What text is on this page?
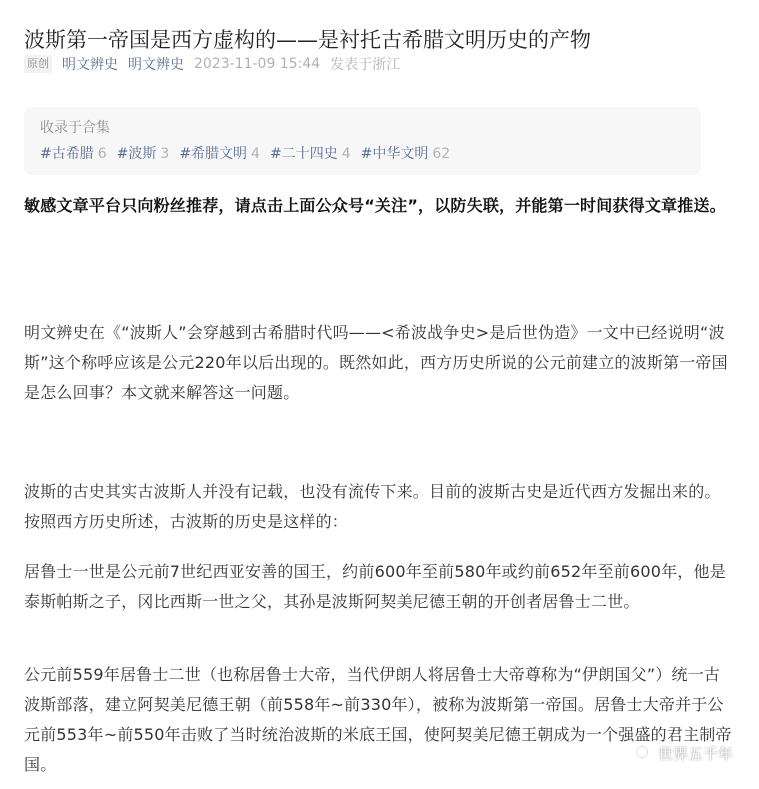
波斯第一帝国是西方虚构的——是衬托古希腊文明历史的产物
原创 明文辨史 明文辨史 2023-11-09 15:44 发表于浙江
收录于合集
#古希腊 6 #波斯 3 #希腊文明 4 #二十四史 4 #中华文明 62

敏感文章平台只向粉丝推荐，请点击上面公众号“关注”，以防失联，并能第一时间获得文章推送。

明文辨史在《“波斯人”会穿越到古希腊时代吗——<希波战争史>是后世伪造》一文中已经说明“波斯”这个称呼应该是公元220年以后出现的。既然如此，西方历史所说的公元前建立的波斯第一帝国是怎么回事？本文就来解答这一问题。

波斯的古史其实古波斯人并没有记载，也没有流传下来。目前的波斯古史是近代西方发掘出来的。按照西方历史所述，古波斯的历史是这样的：

居鲁士一世是公元前7世纪西亚安善的国王，约前600年至前580年或约前652年至前600年，他是泰斯帕斯之子，冈比西斯一世之父，其孙是波斯阿契美尼德王朝的开创者居鲁士二世。

公元前559年居鲁士二世（也称居鲁士大帝，当代伊朗人将居鲁士大帝尊称为“伊朗国父”）统一古波斯部落，建立阿契美尼德王朝（前558年~前330年），被称为波斯第一帝国。居鲁士大帝并于公元前553年~前550年击败了当时统治波斯的米底王国，使阿契美尼德王朝成为一个强盛的君主制帝国。

世界五千年
